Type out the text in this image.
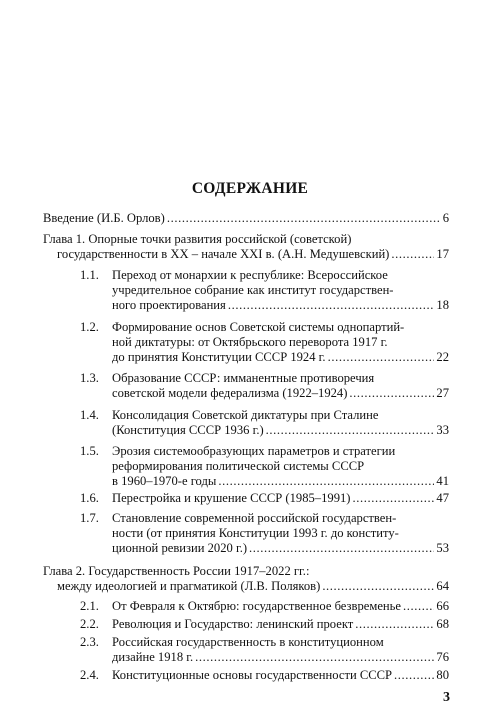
СОДЕРЖАНИЕ
Введение (И.Б. Орлов) .....	6
Глава 1. Опорные точки развития российской (советской)
государственности в ХХ – начале XXI в. (А.Н. Медушевский) .....	17
1.1. Переход от монархии к республике: Всероссийское
учредительное собрание как институт государствен-
ного проектирования .....	18
1.2. Формирование основ Советской системы однопартий-
ной диктатуры: от Октябрьского переворота 1917 г.
до принятия Конституции СССР 1924 г. .....	22
1.3. Образование СССР: имманентные противоречия
советской модели федерализма (1922–1924) .....	27
1.4. Консолидация Советской диктатуры при Сталине
(Конституция СССР 1936 г.) .....	33
1.5. Эрозия системообразующих параметров и стратегии
реформирования политической системы СССР
в 1960–1970-е годы .....	41
1.6. Перестройка и крушение СССР (1985–1991) .....	47
1.7. Становление современной российской государствен-
ности (от принятия Конституции 1993 г. до конститу-
ционной ревизии 2020 г.) .....	53
Глава 2. Государственность России 1917–2022 гг.:
между идеологией и прагматикой (Л.В. Поляков) .....	64
2.1. От Февраля к Октябрю: государственное безвременье .....	66
2.2. Революция и Государство: ленинский проект .....	68
2.3. Российская государственность в конституционном
дизайне 1918 г. .....	76
2.4. Конституционные основы государственности СССР .....	80
3
